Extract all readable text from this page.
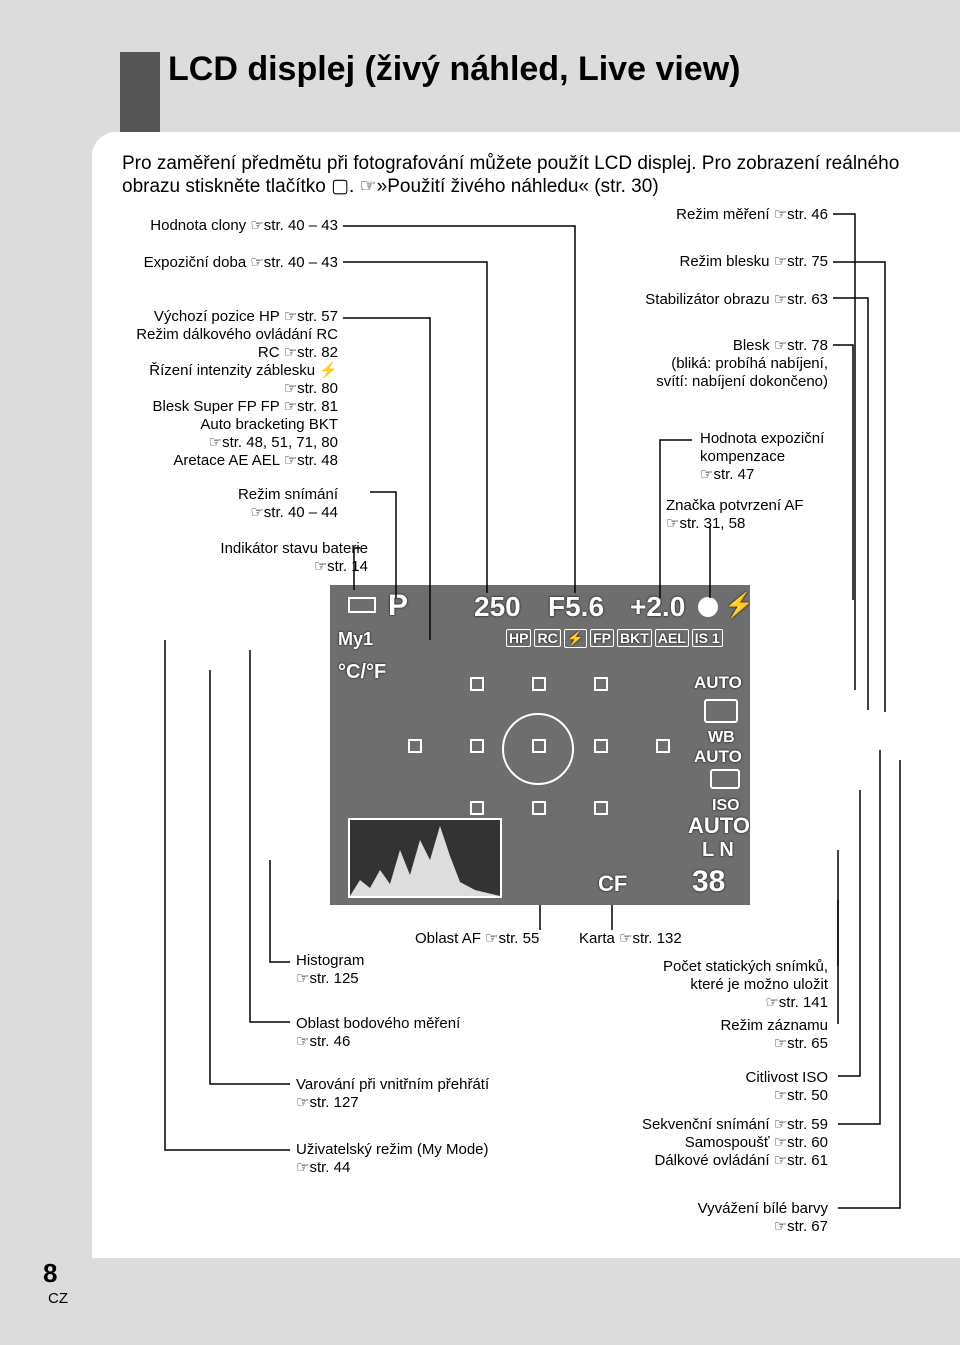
LCD displej (živý náhled, Live view)
Pro zaměření předmětu při fotografování můžete použít LCD displej. Pro zobrazení reálného obrazu stiskněte tlačítko ▢. ☞»Použití živého náhledu« (str. 30)
Hodnota clony ☞str. 40 – 43
Expoziční doba ☞str. 40 – 43
Výchozí pozice HP ☞str. 57
Režim dálkového ovládání RC
RC ☞str. 82
Řízení intenzity záblesku ⚡
☞str. 80
Blesk Super FP FP ☞str. 81
Auto bracketing BKT
☞str. 48, 51, 71, 80
Aretace AE AEL ☞str. 48
Režim snímání
☞str. 40 – 44
Indikátor stavu baterie
☞str. 14
Režim měření ☞str. 46
Režim blesku ☞str. 75
Stabilizátor obrazu ☞str. 63
Blesk ☞str. 78
(bliká: probíhá nabíjení,
svítí: nabíjení dokončeno)
Hodnota expoziční
kompenzace
☞str. 47
Značka potvrzení AF
☞str. 31, 58
P 250 F5.6 +2.0 ⚡
My1	HP RC ⚡ FP BKT AEL IS 1
°C/°F	AUTO
WB
AUTO
ISO
AUTO
L N
CF 38
Oblast AF ☞str. 55	Karta ☞str. 132
Histogram
☞str. 125
Oblast bodového měření
☞str. 46
Varování při vnitřním přehřátí
☞str. 127
Uživatelský režim (My Mode)
☞str. 44
Počet statických snímků,
které je možno uložit
☞str. 141
Režim záznamu
☞str. 65
Citlivost ISO
☞str. 50
Sekvenční snímání ☞str. 59
Samospoušť ☞str. 60
Dálkové ovládání ☞str. 61
Vyvážení bílé barvy
☞str. 67
8
CZ
